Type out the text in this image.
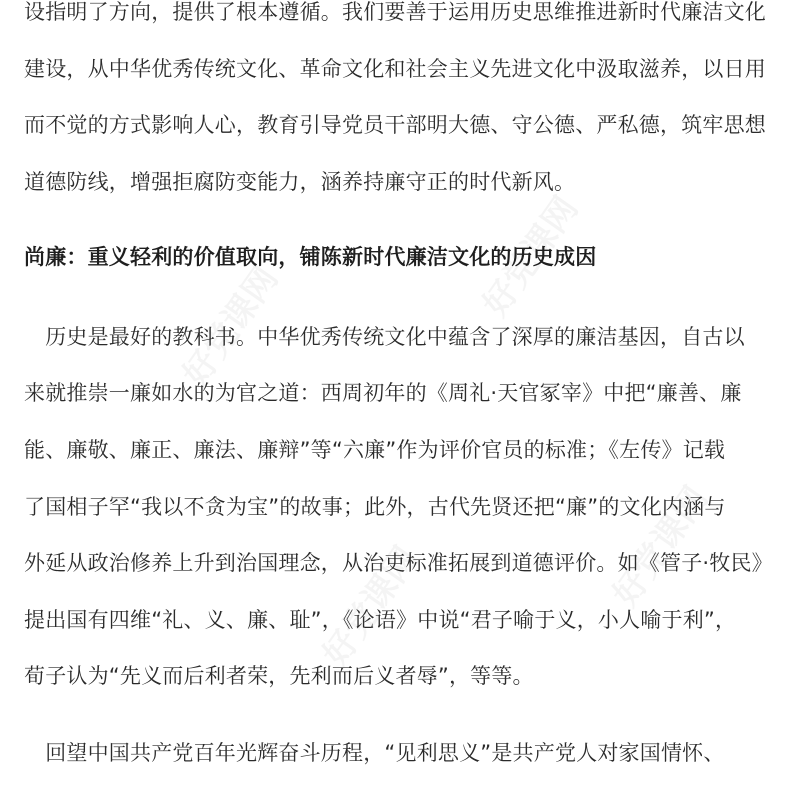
设指明了方向，提供了根本遵循。我们要善于运用历史思维推进新时代廉洁文化
建设，从中华优秀传统文化、革命文化和社会主义先进文化中汲取滋养，以日用
而不觉的方式影响人心，教育引导党员干部明大德、守公德、严私德，筑牢思想
道德防线，增强拒腐防变能力，涵养持廉守正的时代新风。
尚廉：重义轻利的价值取向，铺陈新时代廉洁文化的历史成因
　历史是最好的教科书。中华优秀传统文化中蕴含了深厚的廉洁基因，自古以
来就推崇一廉如水的为官之道：西周初年的《周礼·天官冢宰》中把“廉善、廉
能、廉敬、廉正、廉法、廉辩”等“六廉”作为评价官员的标准；《左传》记载
了国相子罕“我以不贪为宝”的故事；此外，古代先贤还把“廉”的文化内涵与
外延从政治修养上升到治国理念，从治吏标准拓展到道德评价。如《管子·牧民》
提出国有四维“礼、义、廉、耻”，《论语》中说“君子喻于义，小人喻于利”，
荀子认为“先义而后利者荣，先利而后义者辱”，等等。
　回望中国共产党百年光辉奋斗历程，“见利思义”是共产党人对家国情怀、
